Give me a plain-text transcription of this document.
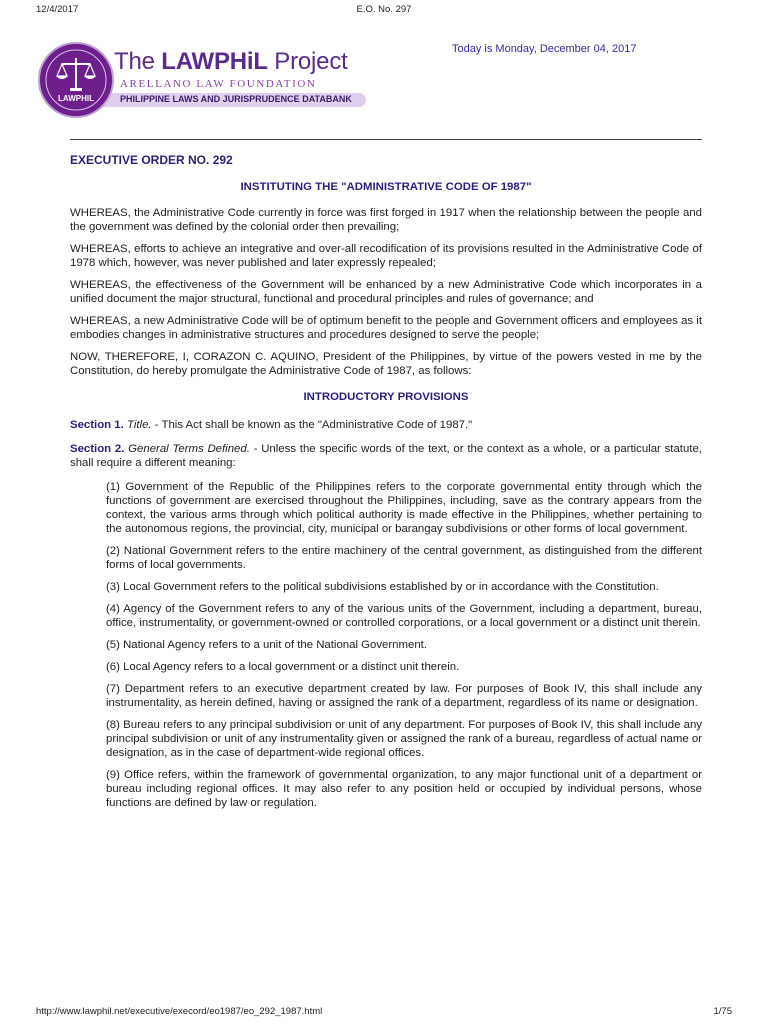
12/4/2017	E.O. No. 297
LAWPHIL
The LAWPHiL Project
ARELLANO LAW FOUNDATION
PHILIPPINE LAWS AND JURISPRUDENCE DATABANK
Today is Monday, December 04, 2017

EXECUTIVE ORDER NO. 292

INSTITUTING THE "ADMINISTRATIVE CODE OF 1987"

WHEREAS, the Administrative Code currently in force was first forged in 1917 when the relationship between the people and the government was defined by the colonial order then prevailing;

WHEREAS, efforts to achieve an integrative and over-all recodification of its provisions resulted in the Administrative Code of 1978 which, however, was never published and later expressly repealed;

WHEREAS, the effectiveness of the Government will be enhanced by a new Administrative Code which incorporates in a unified document the major structural, functional and procedural principles and rules of governance; and

WHEREAS, a new Administrative Code will be of optimum benefit to the people and Government officers and employees as it embodies changes in administrative structures and procedures designed to serve the people;

NOW, THEREFORE, I, CORAZON C. AQUINO, President of the Philippines, by virtue of the powers vested in me by the Constitution, do hereby promulgate the Administrative Code of 1987, as follows:

INTRODUCTORY PROVISIONS

Section 1. Title. - This Act shall be known as the "Administrative Code of 1987."

Section 2. General Terms Defined. - Unless the specific words of the text, or the context as a whole, or a particular statute, shall require a different meaning:

(1) Government of the Republic of the Philippines refers to the corporate governmental entity through which the functions of government are exercised throughout the Philippines, including, save as the contrary appears from the context, the various arms through which political authority is made effective in the Philippines, whether pertaining to the autonomous regions, the provincial, city, municipal or barangay subdivisions or other forms of local government.

(2) National Government refers to the entire machinery of the central government, as distinguished from the different forms of local governments.

(3) Local Government refers to the political subdivisions established by or in accordance with the Constitution.

(4) Agency of the Government refers to any of the various units of the Government, including a department, bureau, office, instrumentality, or government-owned or controlled corporations, or a local government or a distinct unit therein.

(5) National Agency refers to a unit of the National Government.

(6) Local Agency refers to a local government or a distinct unit therein.

(7) Department refers to an executive department created by law. For purposes of Book IV, this shall include any instrumentality, as herein defined, having or assigned the rank of a department, regardless of its name or designation.

(8) Bureau refers to any principal subdivision or unit of any department. For purposes of Book IV, this shall include any principal subdivision or unit of any instrumentality given or assigned the rank of a bureau, regardless of actual name or designation, as in the case of department-wide regional offices.

(9) Office refers, within the framework of governmental organization, to any major functional unit of a department or bureau including regional offices. It may also refer to any position held or occupied by individual persons, whose functions are defined by law or regulation.

http://www.lawphil.net/executive/execord/eo1987/eo_292_1987.html	1/75
